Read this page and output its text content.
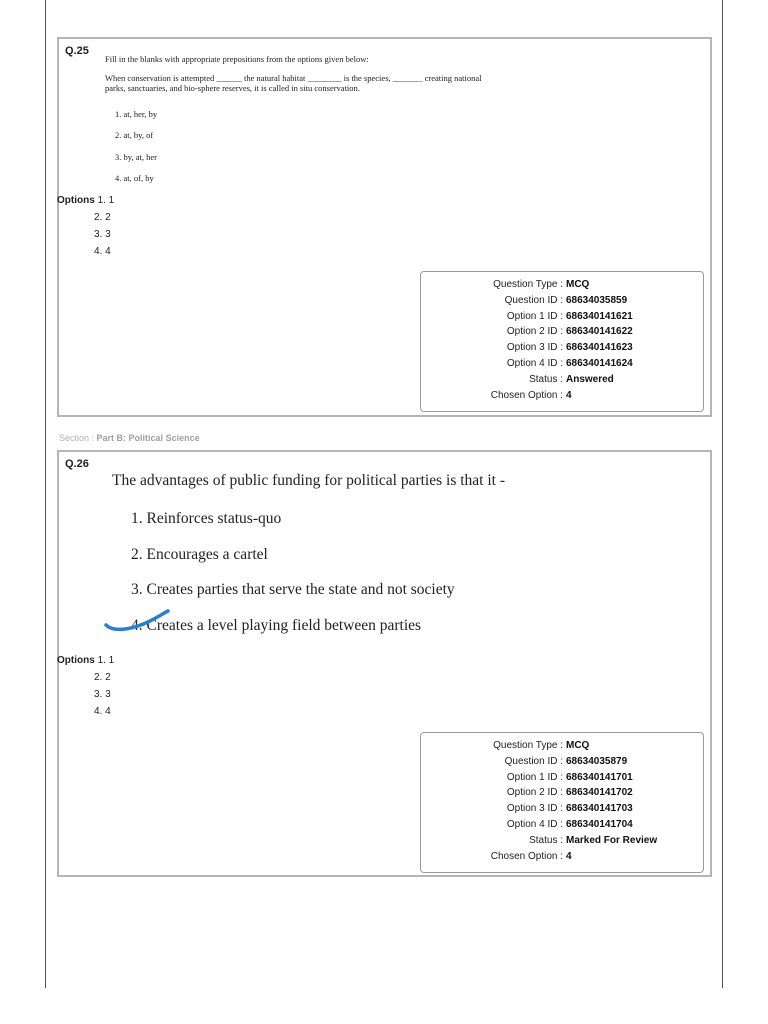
Q.25
Fill in the blanks with appropriate prepositions from the options given below:
When conservation is attempted ______ the natural habitat ________ is the species, _______ creating national
parks, sanctuaries, and bio-sphere reserves, it is called in situ conservation.
1. at, her, by
2. at, by, of
3. by, at, her
4. at, of, by
Question Type : MCQ
Question ID : 68634035859
Option 1 ID : 686340141621
Option 2 ID : 686340141622
Option 3 ID : 686340141623
Option 4 ID : 686340141624
Status : Answered
Chosen Option : 4
Options 1. 1
2. 2
3. 3
4. 4
Section : Part B: Political Science
Q.26
The advantages of public funding for political parties is that it -
1. Reinforces status-quo
2. Encourages a cartel
3. Creates parties that serve the state and not society
4. Creates a level playing field between parties
Question Type : MCQ
Question ID : 68634035879
Option 1 ID : 686340141701
Option 2 ID : 686340141702
Option 3 ID : 686340141703
Option 4 ID : 686340141704
Status : Marked For Review
Chosen Option : 4
Options 1. 1
2. 2
3. 3
4. 4
